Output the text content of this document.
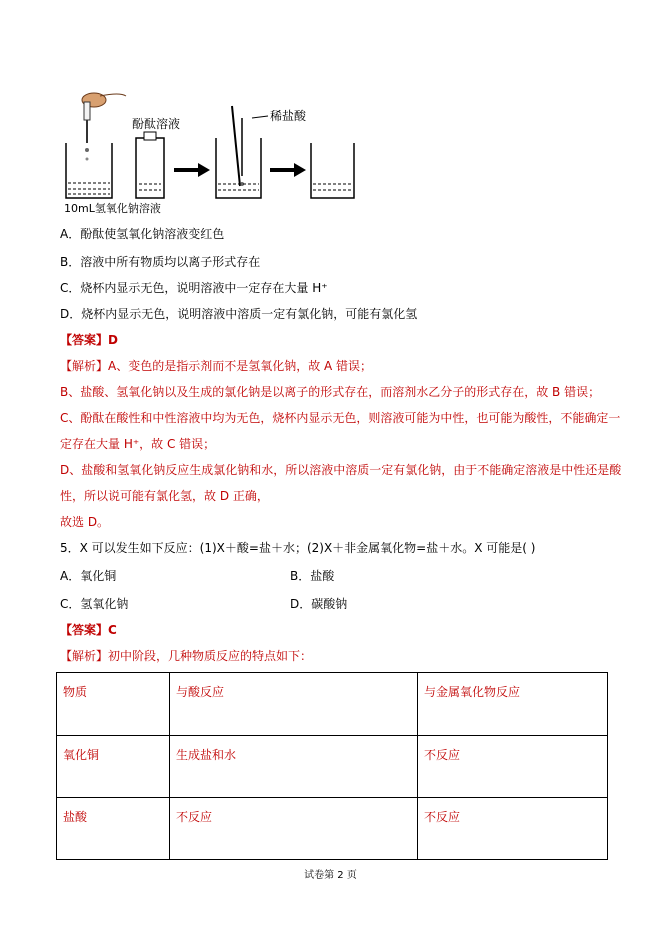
酚酞溶液
稀盐酸
10mL氢氧化钠溶液
A．酚酞使氢氧化钠溶液变红色
B．溶液中所有物质均以离子形式存在
C．烧杯内显示无色，说明溶液中一定存在大量 H⁺
D．烧杯内显示无色，说明溶液中溶质一定有氯化钠，可能有氯化氢
【答案】D
【解析】A、变色的是指示剂而不是氢氧化钠，故 A 错误；
B、盐酸、氢氧化钠以及生成的氯化钠是以离子的形式存在，而溶剂水乙分子的形式存在，故 B 错误；
C、酚酞在酸性和中性溶液中均为无色，烧杯内显示无色，则溶液可能为中性，也可能为酸性，不能确定一
定存在大量 H⁺，故 C 错误；
D、盐酸和氢氧化钠反应生成氯化钠和水，所以溶液中溶质一定有氯化钠，由于不能确定溶液是中性还是酸
性，所以说可能有氯化氢，故 D 正确，
故选 D。
5．X 可以发生如下反应：(1)X＋酸=盐＋水；(2)X＋非金属氧化物=盐＋水。X 可能是( )
A．氧化铜	B．盐酸
C．氢氧化钠	D．碳酸钠
【答案】C
【解析】初中阶段，几种物质反应的特点如下：
物质	与酸反应	与金属氧化物反应
氧化铜	生成盐和水	不反应
盐酸	不反应	不反应
试卷第 2 页
